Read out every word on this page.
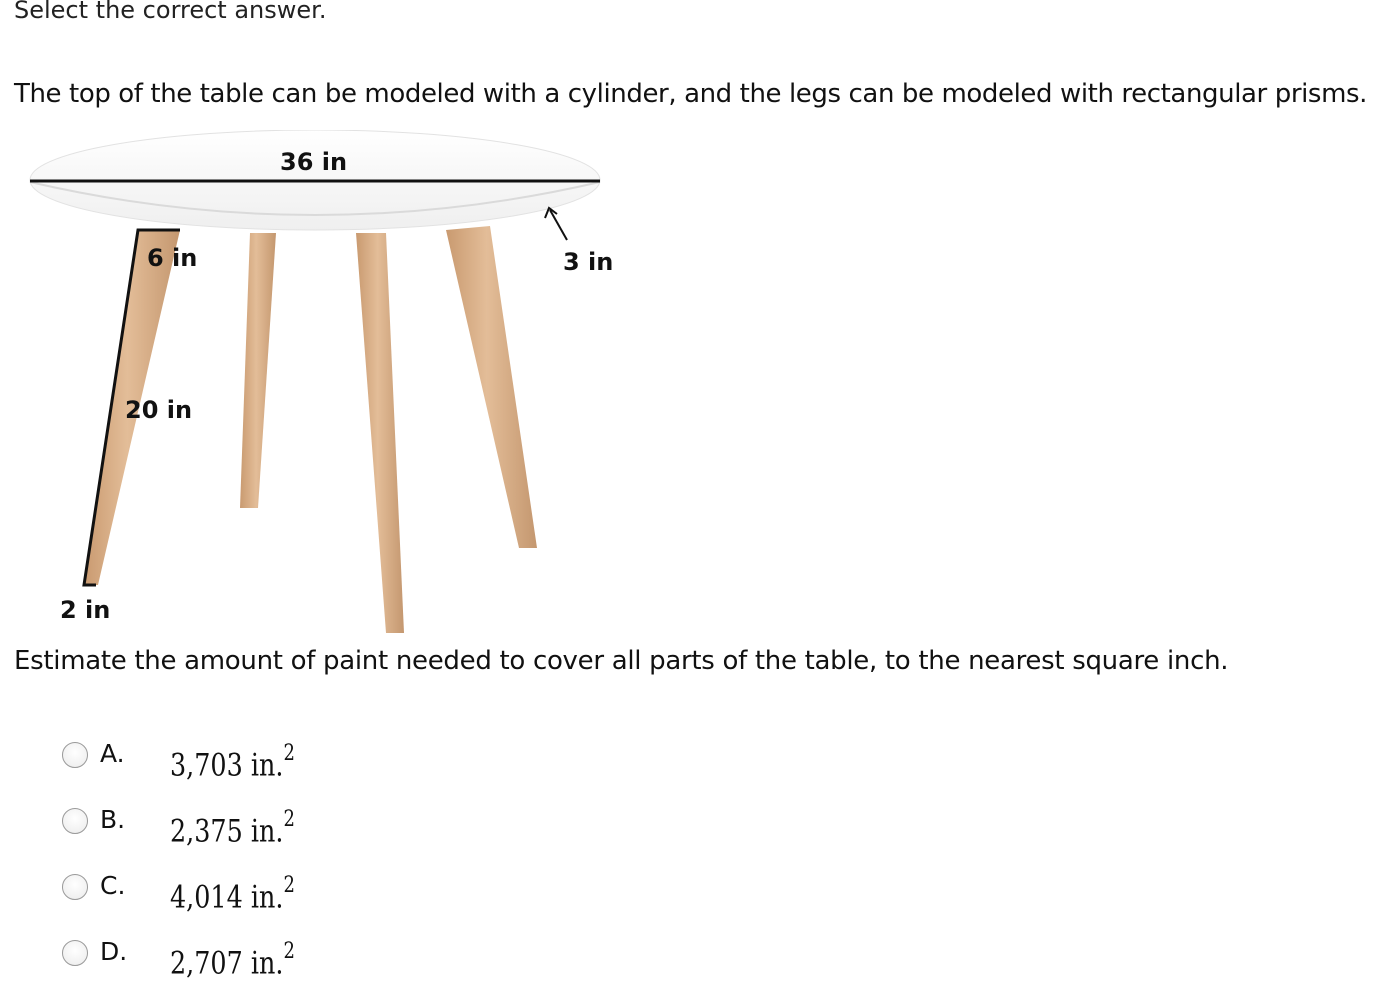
Select the correct answer.
The top of the table can be modeled with a cylinder, and the legs can be modeled with rectangular prisms.
36 in
3 in
6 in
20 in
2 in
Estimate the amount of paint needed to cover all parts of the table, to the nearest square inch.
A. 3,703 in.$^2$
B. 2,375 in.$^2$
C. 4,014 in.$^2$
D. 2,707 in.$^2$
